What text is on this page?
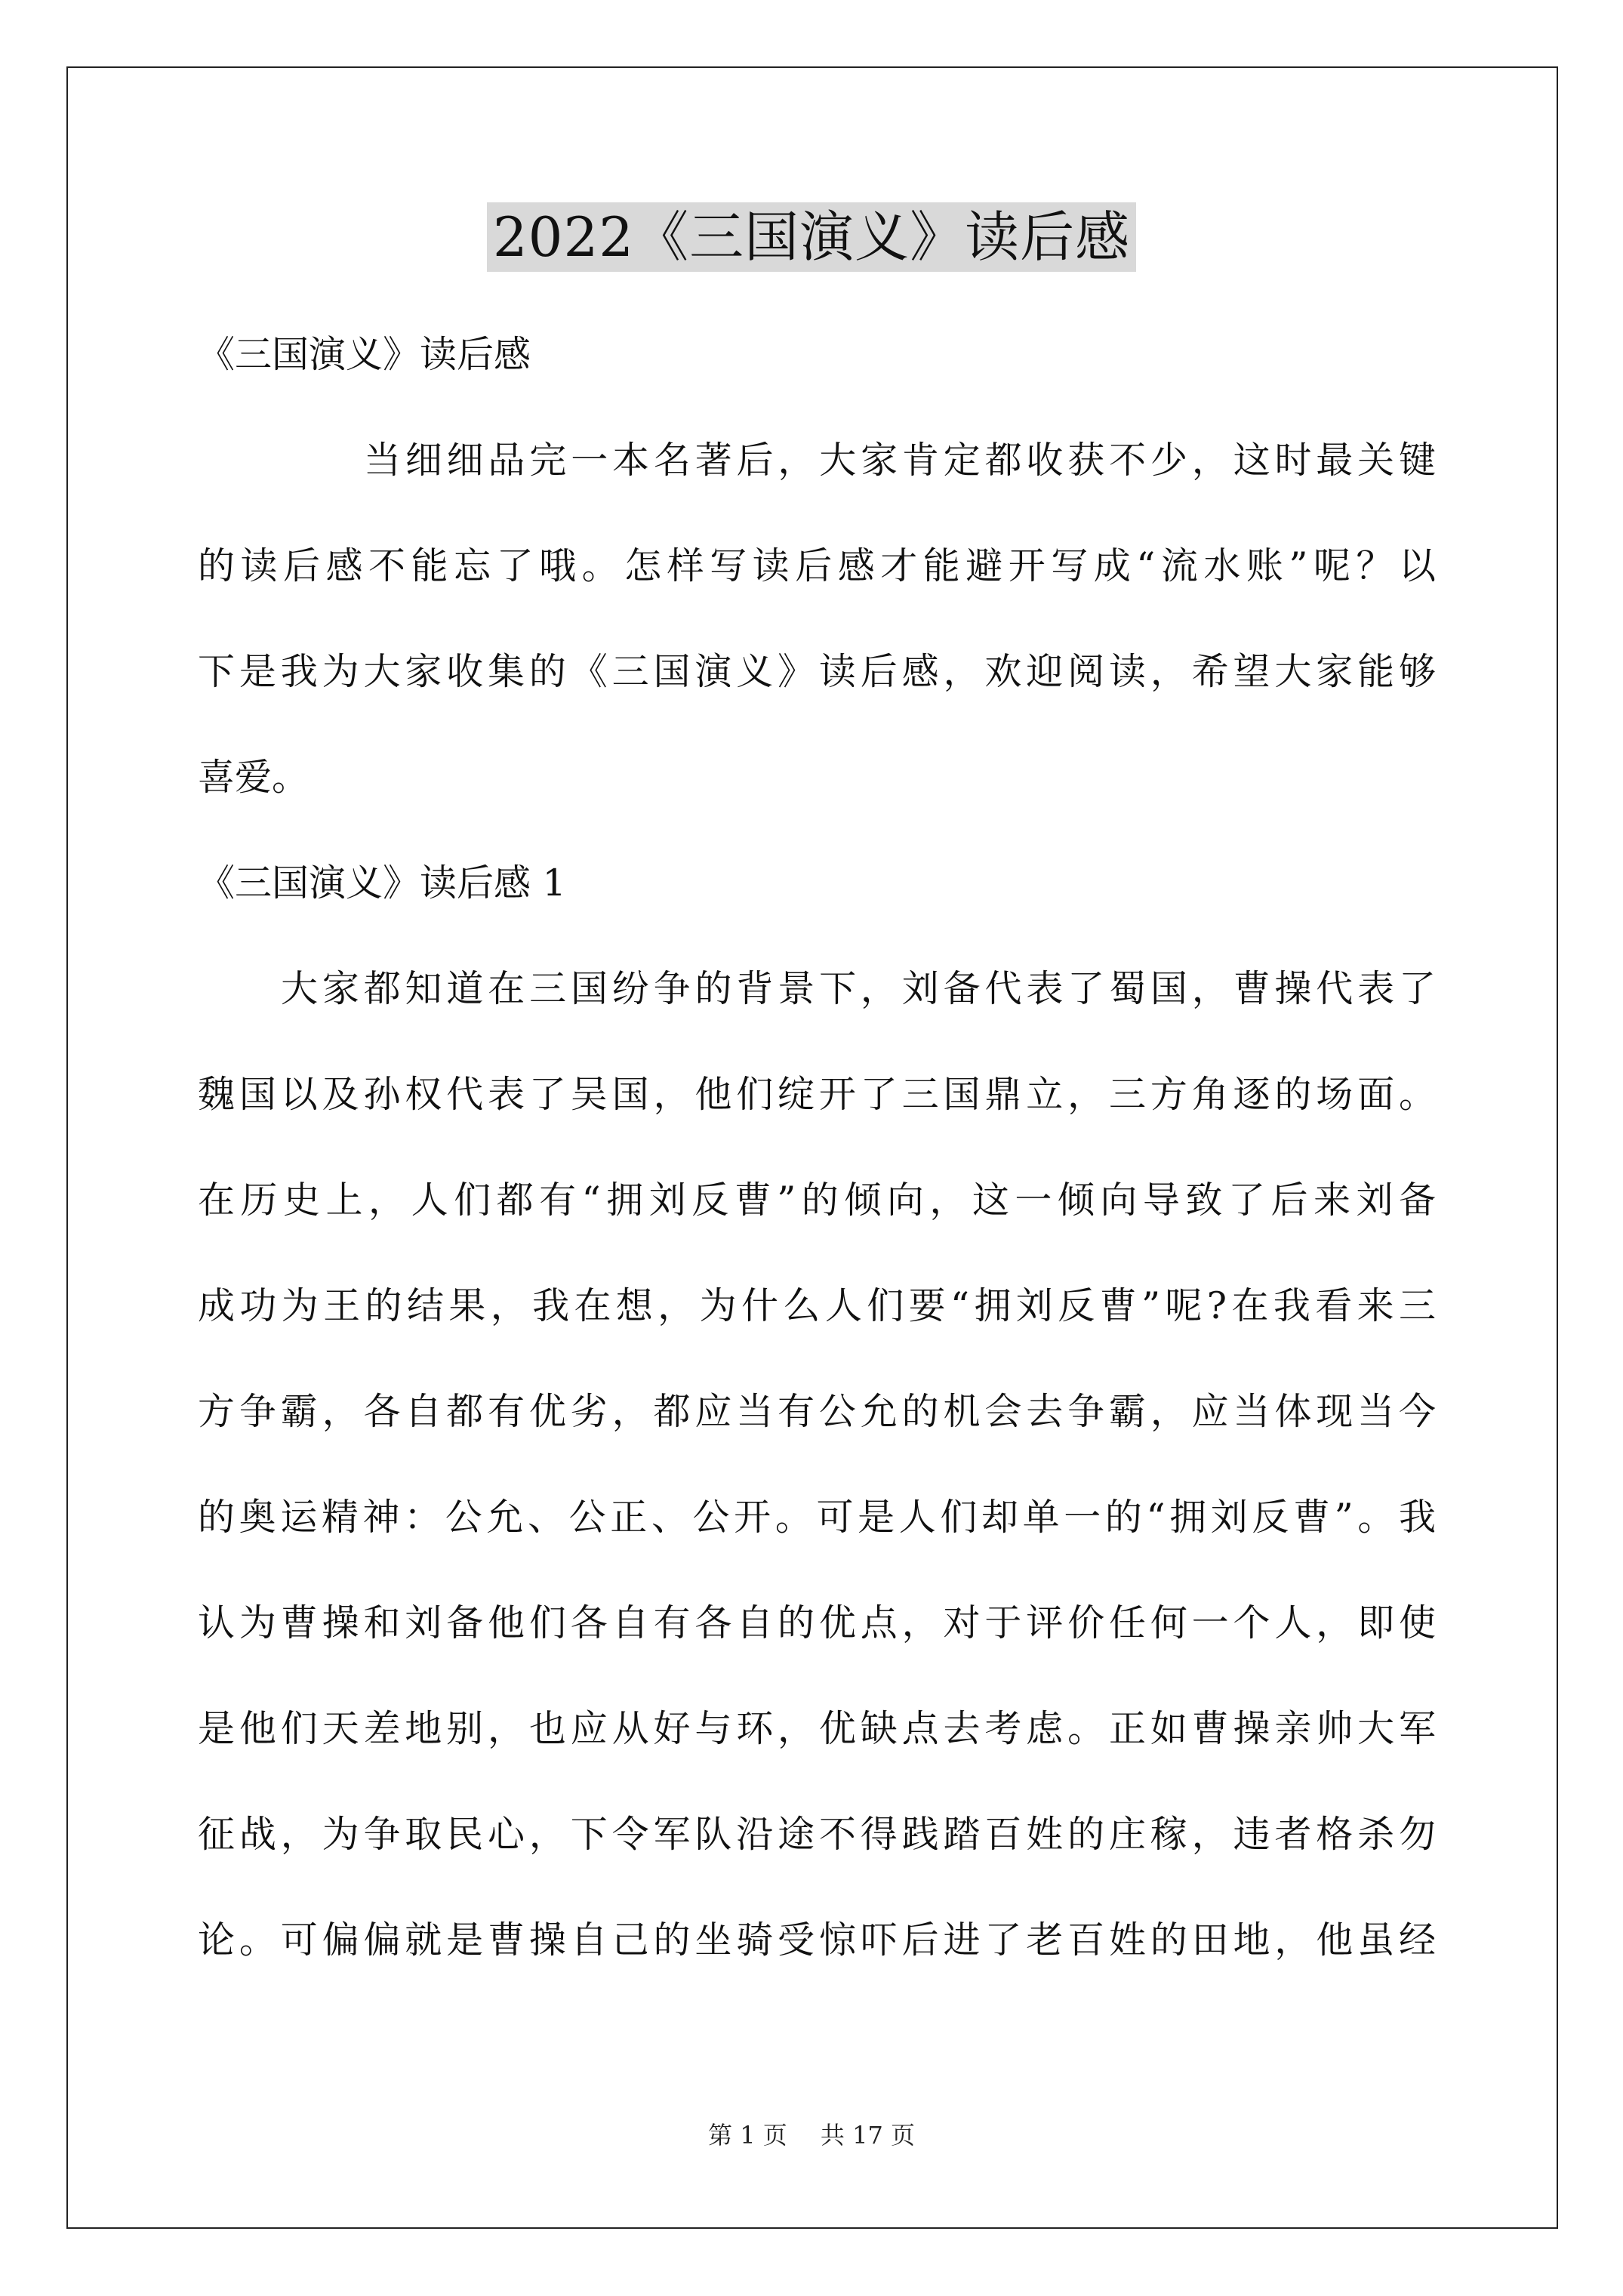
2022《三国演义》读后感
《三国演义》读后感
当细细品完一本名著后，大家肯定都收获不少，这时最关键
的读后感不能忘了哦。怎样写读后感才能避开写成“流水账”呢？以
下是我为大家收集的《三国演义》读后感，欢迎阅读，希望大家能够
喜爱。
《三国演义》读后感 1
大家都知道在三国纷争的背景下，刘备代表了蜀国，曹操代表了
魏国以及孙权代表了吴国，他们绽开了三国鼎立，三方角逐的场面。
在历史上，人们都有“拥刘反曹”的倾向，这一倾向导致了后来刘备
成功为王的结果，我在想，为什么人们要“拥刘反曹”呢?在我看来三
方争霸，各自都有优劣，都应当有公允的机会去争霸，应当体现当今
的奥运精神：公允、公正、公开。可是人们却单一的“拥刘反曹”。我
认为曹操和刘备他们各自有各自的优点，对于评价任何一个人，即使
是他们天差地别，也应从好与环，优缺点去考虑。正如曹操亲帅大军
征战，为争取民心，下令军队沿途不得践踏百姓的庄稼，违者格杀勿
论。可偏偏就是曹操自己的坐骑受惊吓后进了老百姓的田地，他虽经
第 1 页 共 17 页
